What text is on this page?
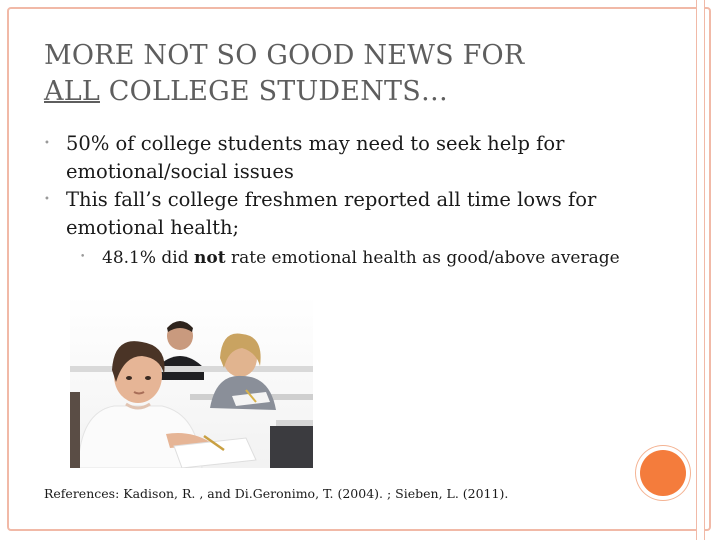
MORE NOT SO GOOD NEWS FOR
ALL COLLEGE STUDENTS…
• 50% of college students may need to seek help for emotional/social issues
• This fall’s college freshmen reported all time lows for emotional health;
• 48.1% did not rate emotional health as good/above average
References: Kadison, R. , and Di.Geronimo, T. (2004). ; Sieben, L. (2011).
